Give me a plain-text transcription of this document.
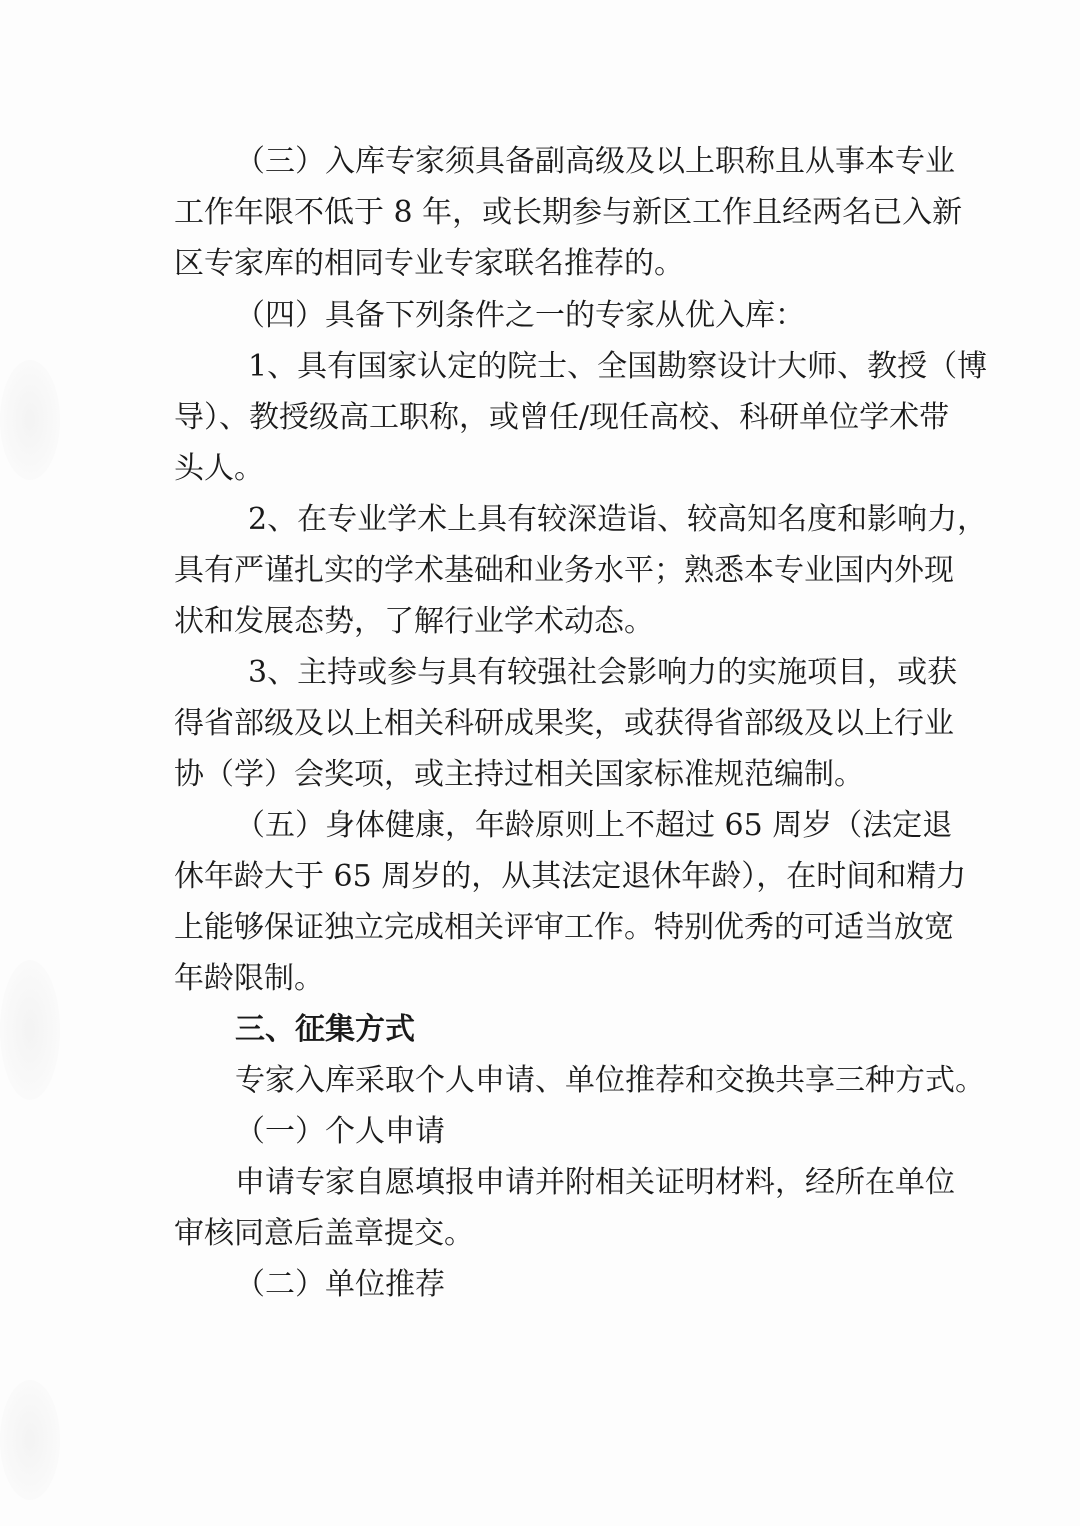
（三）入库专家须具备副高级及以上职称且从事本专业
工作年限不低于 8 年，或长期参与新区工作且经两名已入新
区专家库的相同专业专家联名推荐的。
（四）具备下列条件之一的专家从优入库：
1、具有国家认定的院士、全国勘察设计大师、教授（博
导）、教授级高工职称，或曾任/现任高校、科研单位学术带
头人。
2、在专业学术上具有较深造诣、较高知名度和影响力，
具有严谨扎实的学术基础和业务水平；熟悉本专业国内外现
状和发展态势，了解行业学术动态。
3、主持或参与具有较强社会影响力的实施项目，或获
得省部级及以上相关科研成果奖，或获得省部级及以上行业
协（学）会奖项，或主持过相关国家标准规范编制。
（五）身体健康，年龄原则上不超过 65 周岁（法定退
休年龄大于 65 周岁的，从其法定退休年龄），在时间和精力
上能够保证独立完成相关评审工作。特别优秀的可适当放宽
年龄限制。
三、征集方式
专家入库采取个人申请、单位推荐和交换共享三种方式。
（一）个人申请
申请专家自愿填报申请并附相关证明材料，经所在单位
审核同意后盖章提交。
（二）单位推荐
